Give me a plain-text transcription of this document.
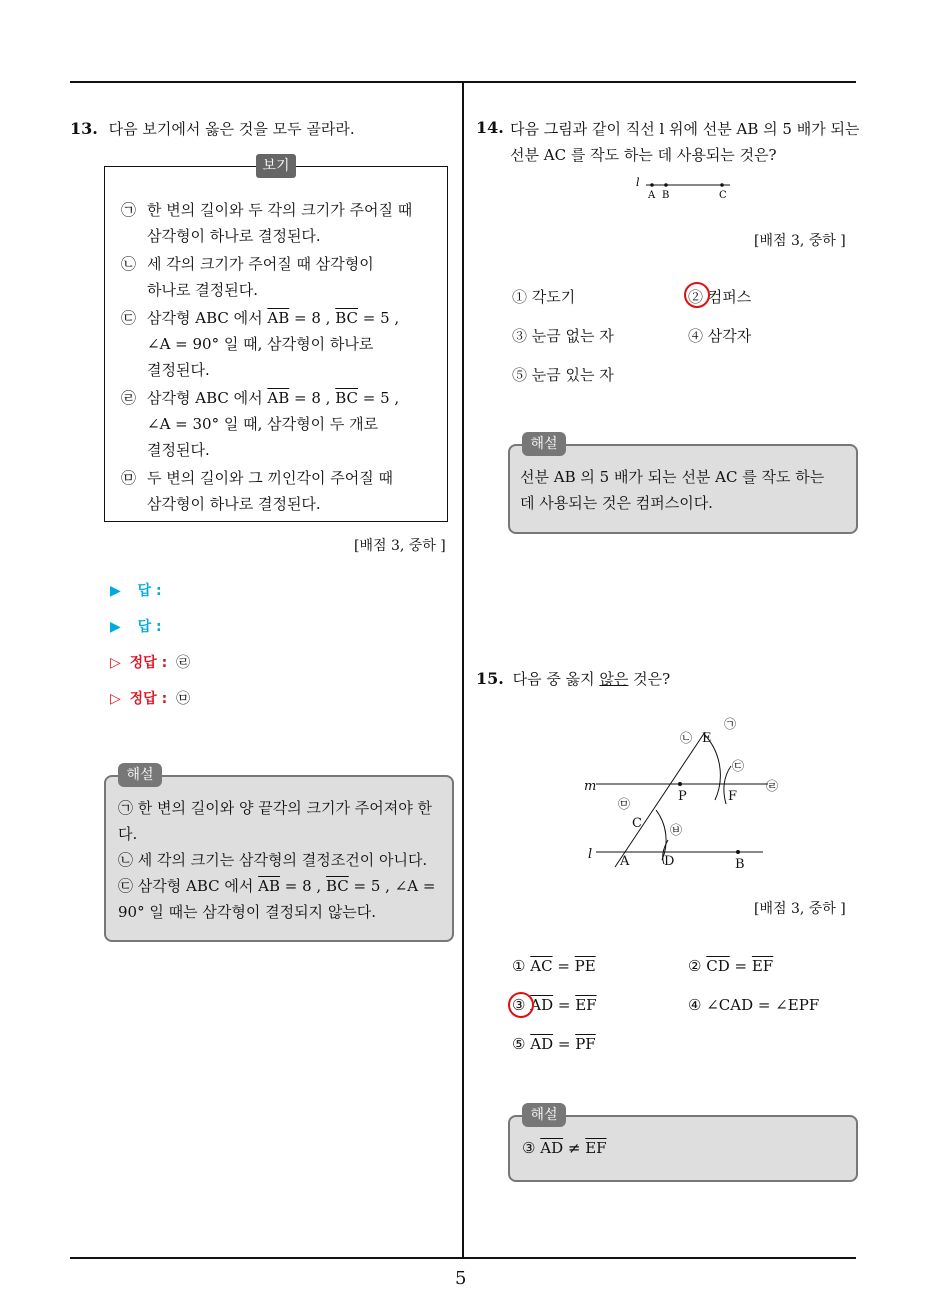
5
13. 다음 보기에서 옳은 것을 모두 골라라.
㉠ 한 변의 길이와 두 각의 크기가 주어질 때
삼각형이 하나로 결정된다.
㉡ 세 각의 크기가 주어질 때 삼각형이
하나로 결정된다.
㉢ 삼각형 ABC 에서 $\overline{AB} = 8$ , $\overline{BC} = 5$ ,
∠A = 90° 일 때, 삼각형이 하나로
결정된다.
㉣ 삼각형 ABC 에서 $\overline{AB} = 8$ , $\overline{BC} = 5$ ,
∠A = 30° 일 때, 삼각형이 두 개로
결정된다.
㉤ 두 변의 길이와 그 끼인각이 주어질 때
삼각형이 하나로 결정된다.
보기
[배점 3, 중하 ]
▶ 답 :
▶ 답 :
▷ 정답 : ㉣
▷ 정답 : ㉤
㉠ 한 변의 길이와 양 끝각의 크기가 주어져야 한
다.
㉡ 세 각의 크기는 삼각형의 결정조건이 아니다.
㉢ 삼각형 ABC 에서 $\overline{AB} = 8$ , $\overline{BC} = 5$ , ∠A =
90° 일 때는 삼각형이 결정되지 않는다.
해설
14. 다음 그림과 같이 직선 l 위에 선분 AB 의 5 배가 되는
선분 AC 를 작도 하는 데 사용되는 것은?
l
A B	C
[배점 3, 중하 ]
① 각도기	② 컴퍼스
③ 눈금 없는 자	④ 삼각자
⑤ 눈금 있는 자
선분 AB 의 5 배가 되는 선분 AC 를 작도 하는
데 사용되는 것은 컴퍼스이다.
해설
15. 다음 중 옳지 않은 것은?
m
l A	B
C
D
E
F
P
㉠
㉡
㉢
㉣
㉤
㉥
[배점 3, 중하 ]
① $\overline{AC} = \overline{PE}$	② $\overline{CD} = \overline{EF}$
③ $\overline{AD} = \overline{EF}$	④ ∠CAD = ∠EPF
⑤ $\overline{AD} = \overline{PF}$
③ $\overline{AD} \ne \overline{EF}$
해설
